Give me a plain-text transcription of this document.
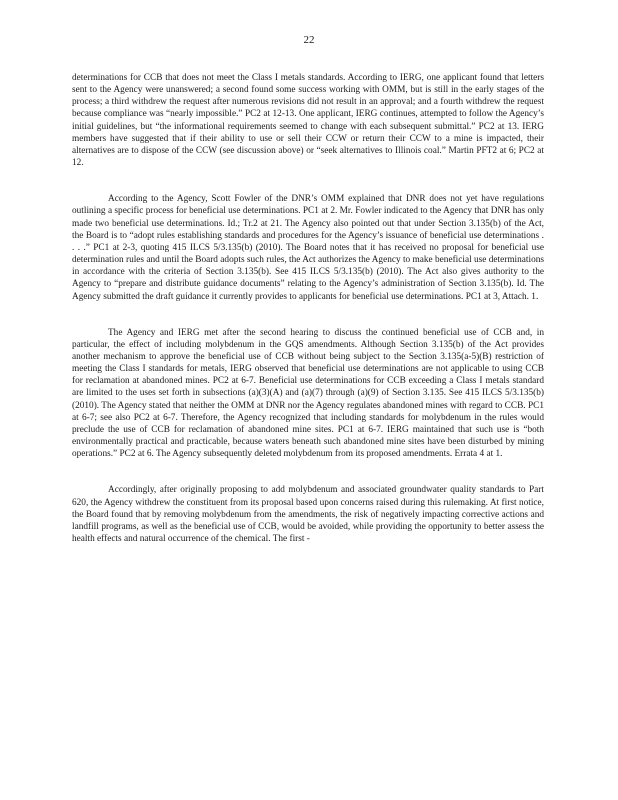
22

determinations for CCB that does not meet the Class I metals standards. According to IERG, one applicant found that letters sent to the Agency were unanswered; a second found some success working with OMM, but is still in the early stages of the process; a third withdrew the request after numerous revisions did not result in an approval; and a fourth withdrew the request because compliance was “nearly impossible.” PC2 at 12-13. One applicant, IERG continues, attempted to follow the Agency’s initial guidelines, but “the informational requirements seemed to change with each subsequent submittal.” PC2 at 13. IERG members have suggested that if their ability to use or sell their CCW or return their CCW to a mine is impacted, their alternatives are to dispose of the CCW (see discussion above) or “seek alternatives to Illinois coal.” Martin PFT2 at 6; PC2 at 12.

According to the Agency, Scott Fowler of the DNR’s OMM explained that DNR does not yet have regulations outlining a specific process for beneficial use determinations. PC1 at 2. Mr. Fowler indicated to the Agency that DNR has only made two beneficial use determinations. Id.; Tr.2 at 21. The Agency also pointed out that under Section 3.135(b) of the Act, the Board is to “adopt rules establishing standards and procedures for the Agency’s issuance of beneficial use determinations . . . .” PC1 at 2-3, quoting 415 ILCS 5/3.135(b) (2010). The Board notes that it has received no proposal for beneficial use determination rules and until the Board adopts such rules, the Act authorizes the Agency to make beneficial use determinations in accordance with the criteria of Section 3.135(b). See 415 ILCS 5/3.135(b) (2010). The Act also gives authority to the Agency to “prepare and distribute guidance documents” relating to the Agency’s administration of Section 3.135(b). Id. The Agency submitted the draft guidance it currently provides to applicants for beneficial use determinations. PC1 at 3, Attach. 1.

The Agency and IERG met after the second hearing to discuss the continued beneficial use of CCB and, in particular, the effect of including molybdenum in the GQS amendments. Although Section 3.135(b) of the Act provides another mechanism to approve the beneficial use of CCB without being subject to the Section 3.135(a-5)(B) restriction of meeting the Class I standards for metals, IERG observed that beneficial use determinations are not applicable to using CCB for reclamation at abandoned mines. PC2 at 6-7. Beneficial use determinations for CCB exceeding a Class I metals standard are limited to the uses set forth in subsections (a)(3)(A) and (a)(7) through (a)(9) of Section 3.135. See 415 ILCS 5/3.135(b) (2010). The Agency stated that neither the OMM at DNR nor the Agency regulates abandoned mines with regard to CCB. PC1 at 6-7; see also PC2 at 6-7. Therefore, the Agency recognized that including standards for molybdenum in the rules would preclude the use of CCB for reclamation of abandoned mine sites. PC1 at 6-7. IERG maintained that such use is “both environmentally practical and practicable, because waters beneath such abandoned mine sites have been disturbed by mining operations.” PC2 at 6. The Agency subsequently deleted molybdenum from its proposed amendments. Errata 4 at 1.

Accordingly, after originally proposing to add molybdenum and associated groundwater quality standards to Part 620, the Agency withdrew the constituent from its proposal based upon concerns raised during this rulemaking. At first notice, the Board found that by removing molybdenum from the amendments, the risk of negatively impacting corrective actions and landfill programs, as well as the beneficial use of CCB, would be avoided, while providing the opportunity to better assess the health effects and natural occurrence of the chemical. The first -
